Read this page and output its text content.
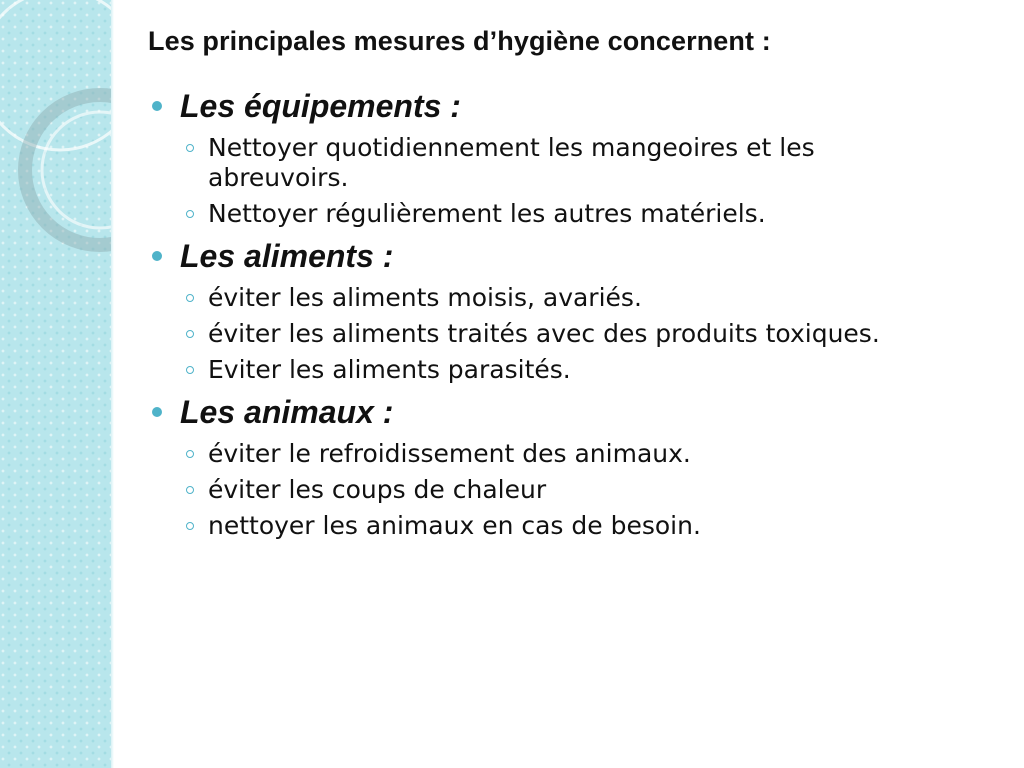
Les principales mesures d’hygiène concernent :
Les équipements :
Nettoyer quotidiennement les mangeoires et les abreuvoirs.
Nettoyer régulièrement les autres matériels.
Les aliments :
éviter les aliments moisis, avariés.
éviter les aliments traités avec des produits toxiques.
Eviter les aliments parasités.
Les animaux :
éviter le refroidissement des animaux.
éviter les coups de chaleur
nettoyer les animaux en cas de besoin.
